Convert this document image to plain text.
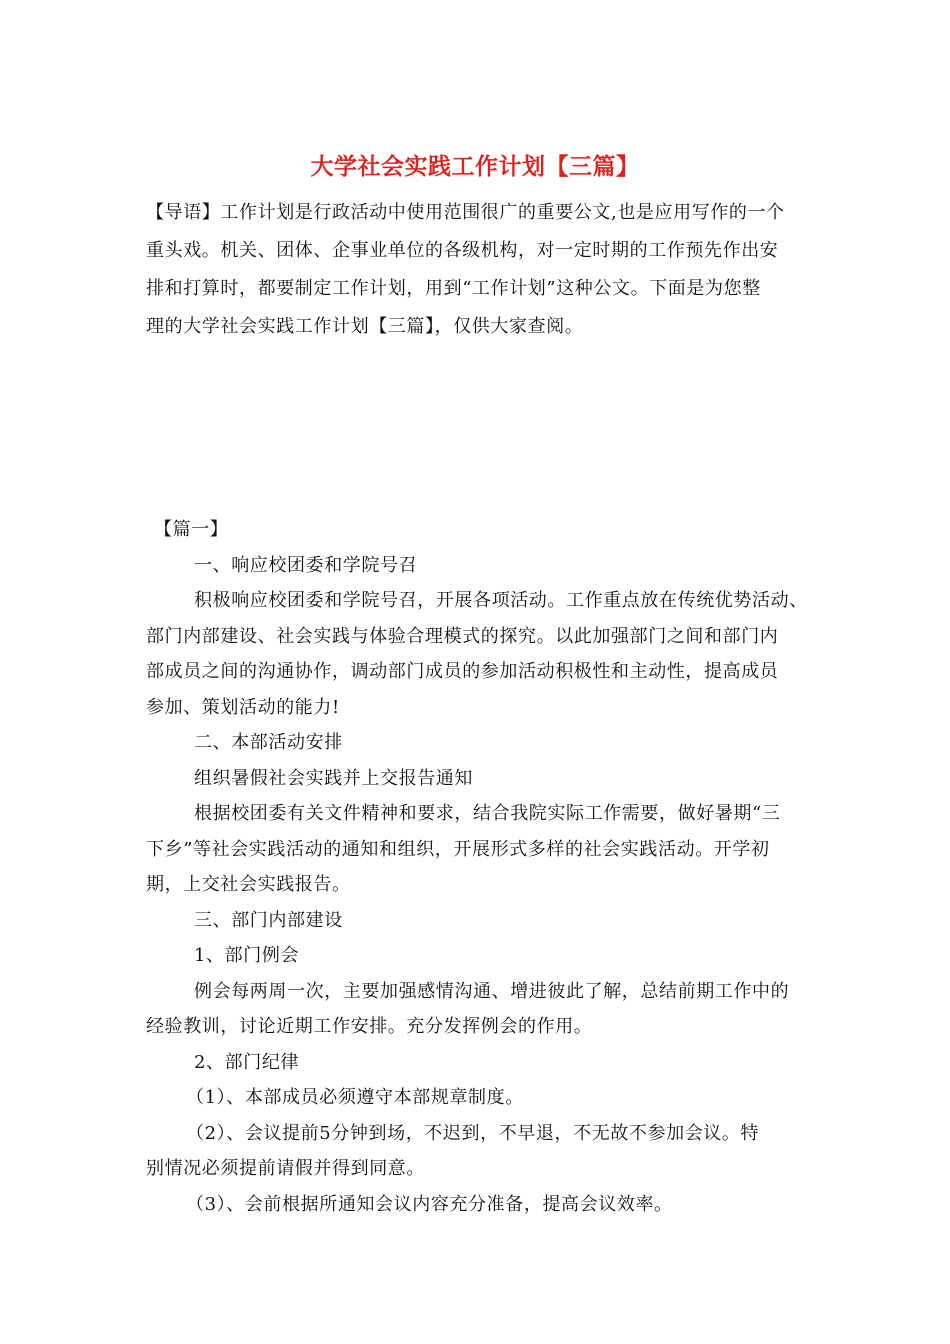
大学社会实践工作计划【三篇】
【导语】工作计划是行政活动中使用范围很广的重要公文,也是应用写作的一个
重头戏。机关、团体、企事业单位的各级机构，对一定时期的工作预先作出安
排和打算时，都要制定工作计划，用到“工作计划”这种公文。下面是为您整
理的大学社会实践工作计划【三篇】，仅供大家查阅。
【篇一】
一、响应校团委和学院号召
积极响应校团委和学院号召，开展各项活动。工作重点放在传统优势活动、
部门内部建设、社会实践与体验合理模式的探究。以此加强部门之间和部门内
部成员之间的沟通协作，调动部门成员的参加活动积极性和主动性，提高成员
参加、策划活动的能力!
二、本部活动安排
组织暑假社会实践并上交报告通知
根据校团委有关文件精神和要求，结合我院实际工作需要，做好暑期“三
下乡”等社会实践活动的通知和组织，开展形式多样的社会实践活动。开学初
期，上交社会实践报告。
三、部门内部建设
1、部门例会
例会每两周一次，主要加强感情沟通、增进彼此了解，总结前期工作中的
经验教训，讨论近期工作安排。充分发挥例会的作用。
2、部门纪律
（1）、本部成员必须遵守本部规章制度。
（2）、会议提前5分钟到场，不迟到，不早退，不无故不参加会议。特
别情况必须提前请假并得到同意。
（3）、会前根据所通知会议内容充分准备，提高会议效率。
